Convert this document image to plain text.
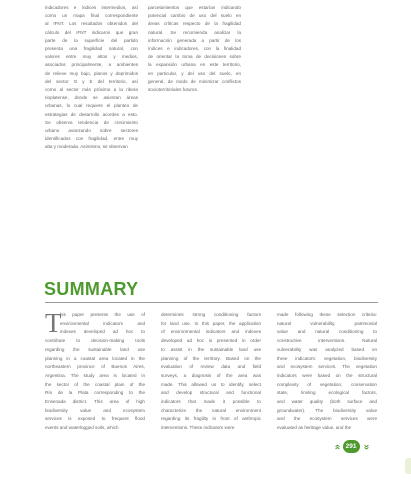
indicadores e índices intermedios, así
como un mapa final correspondiente
al IFNT. Los resultados obtenidos del
cálculo del IFNT indicaron que gran
parte de la superficie del partido
presenta una fragilidad natural, con
valores entre muy altos y medios,
asociados principalmente, a ambientes
de relieve muy bajo, planos y deprimidos
del sector O y E del territorio, así
como al sector más próximo a la ribera
rioplatense, donde se asientan áreas
urbanas, lo cual requiere el planteo de
estrategias de desarrollo acordes a esto.
Se observa tendencia de crecimiento
urbano avanzando sobre sectores
identificados con fragilidad, entre muy
alta y moderada. Asimismo, se observan
parcelamientos que estarían indicando
potencial cambio de uso del suelo en
áreas críticas respecto de la fragilidad
natural. Se recomienda analizar la
información generada a partir de los
índices e indicadores, con la finalidad
de orientar la toma de decisiones sobre
la expansión urbana en este territorio,
en particular, y del uso del suelo, en
general, de modo de minimizar conflictos
socioterritoriales futuros.
SUMMARY
T
his paper presents the use of
environmental indicators and
indexes developed ad hoc to
contribute to decision-making tools
regarding the sustainable land use
planning in a coastal area located in the
northeastern province of Buenos Aires,
Argentina. The study area is located in
the sector of the coastal plain of the
Río de la Plata corresponding to the
Ensenada district. This area of high
biodiversity value and ecosystem
services is exposed to frequent flood
events and waterlogged soils, which
determines strong conditioning factors
for land use. In this paper, the application
of environmental indicators and indexes
developed ad hoc is presented in order
to assist in the sustainable land use
planning of the territory. Based on the
evaluation of review data and field
surveys, a diagnosis of the area was
made. This allowed us to identify, select
and develop structural and functional
indicators that made it possible to
characterize the natural environment
regarding its fragility in front of anthropic
interventions. These indicators were
made following these selection criteria:
natural vulnerability, patrimonial
value and natural conditioning to
constructive interventions. Natural
vulnerability was analyzed based on
three indicators: vegetation, biodiversity
and ecosystem services. The vegetation
indicators were based on the structural
complexity of vegetation, conservation
state, limiting ecological factors,
and water quality (both surface and
groundwater). The biodiversity value
and the ecosystem services were
evaluated as heritage value, and the
« 291 »
